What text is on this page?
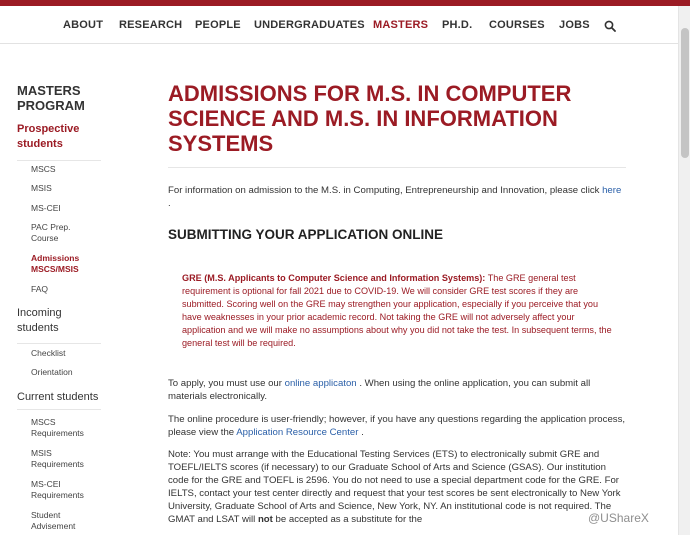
ABOUT RESEARCH PEOPLE UNDERGRADUATES MASTERS PH.D. COURSES JOBS
MASTERS
PROGRAM
Prospective
students
MSCS
MSIS
MS-CEI
PAC Prep.
Course
Admissions
MSCS/MSIS
FAQ
Incoming
students
Checklist
Orientation
Current students
MSCS
Requirements
MSIS
Requirements
MS-CEI
Requirements
Student
Advisement
ADMISSIONS FOR M.S. IN COMPUTER
SCIENCE AND M.S. IN INFORMATION
SYSTEMS

For information on admission to the M.S. in Computing, Entrepreneurship and Innovation, please click here .

SUBMITTING YOUR APPLICATION ONLINE

GRE (M.S. Applicants to Computer Science and Information Systems): The GRE general test requirement is optional for fall 2021 due to COVID-19. We will consider GRE test scores if they are submitted. Scoring well on the GRE may strengthen your application, especially if you perceive that you have weaknesses in your prior academic record. Not taking the GRE will not adversely affect your application and we will make no assumptions about why you did not take the test. In subsequent terms, the general test will be required.

To apply, you must use our online applicaton . When using the online application, you can submit all materials electronically.

The online procedure is user-friendly; however, if you have any questions regarding the application process, please view the Application Resource Center .

Note: You must arrange with the Educational Testing Services (ETS) to electronically submit GRE and TOEFL/IELTS scores (if necessary) to our Graduate School of Arts and Science (GSAS). Our institution code for the GRE and TOEFL is 2596. You do not need to use a special department code for the GRE. For IELTS, contact your test center directly and request that your test scores be sent electronically to New York University, Graduate School of Arts and Science, New York, NY. An institutional code is not required. The GMAT and LSAT will not be accepted as a substitute for the	@UShareX
